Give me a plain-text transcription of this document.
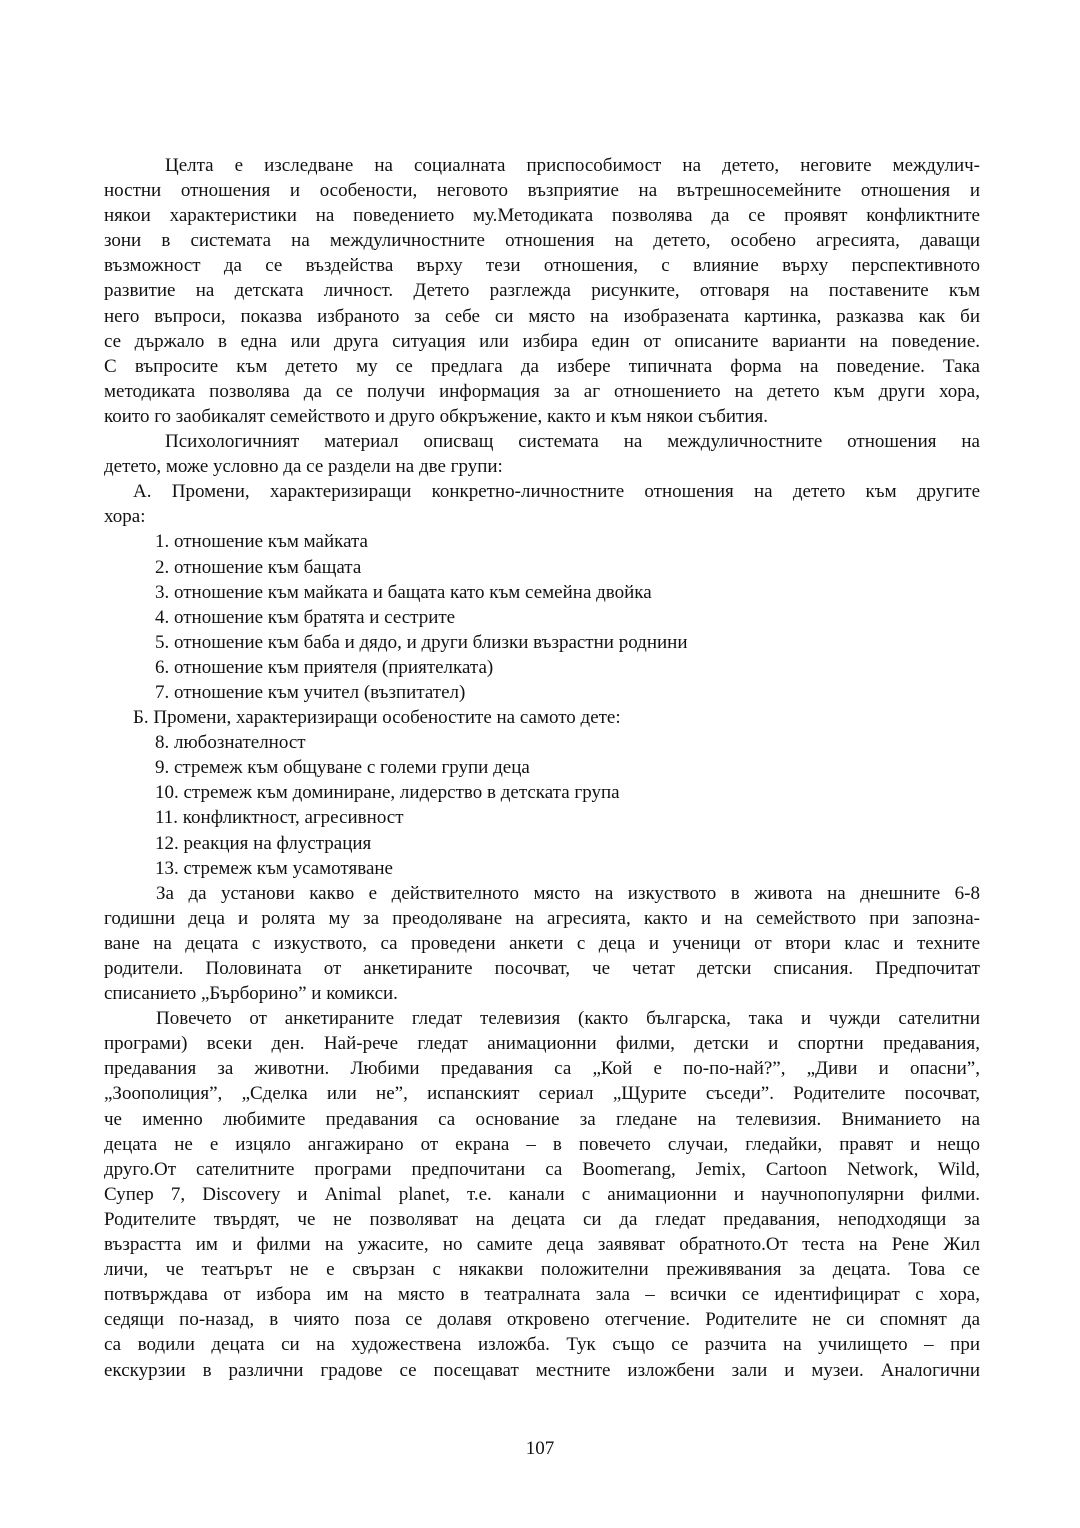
Целта е изследване на социалната приспособимост на детето, неговите междулич-
ностни отношения и особености, неговото възприятие на вътрешносемейните отношения и
някои характеристики на поведението му.Методиката позволява да се проявят конфликтните
зони в системата на междуличностните отношения на детето, особено агресията, даващи
възможност да се въздейства върху тези отношения, с влияние върху перспективното
развитие на детската личност. Детето разглежда рисунките, отговаря на поставените към
него въпроси, показва избраното за себе си място на изобразената картинка, разказва как би
се държало в една или друга ситуация или избира един от описаните варианти на поведение.
С въпросите към детето му се предлага да избере типичната форма на поведение. Така
методиката позволява да се получи информация за аг отношението на детето към други хора,
които го заобикалят семейството и друго обкръжение, както и към някои събития.
Психологичният материал описващ системата на междуличностните отношения на
детето, може условно да се раздели на две групи:
А. Промени, характеризиращи конкретно-личностните отношения на детето към другите
хора:
1. отношение към майката
2. отношение към бащата
3. отношение към майката и бащата като към семейна двойка
4. отношение към братята и сестрите
5. отношение към баба и дядо, и други близки възрастни роднини
6. отношение към приятеля (приятелката)
7. отношение към учител (възпитател)
Б. Промени, характеризиращи особеностите на самото дете:
8. любознателност
9. стремеж към общуване с големи групи деца
10. стремеж към доминиране, лидерство в детската група
11. конфликтност, агресивност
12. реакция на флустрация
13. стремеж към усамотяване
За да установи какво е действителното място на изкуството в живота на днешните 6-8
годишни деца и ролята му за преодоляване на агресията, както и на семейството при запозна-
ване на децата с изкуството, са проведени анкети с деца и ученици от втори клас и техните
родители. Половината от анкетираните посочват, че четат детски списания. Предпочитат
списанието „Бърборино” и комикси.
Повечето от анкетираните гледат телевизия (както българска, така и чужди сателитни
програми) всеки ден. Най-рече гледат анимационни филми, детски и спортни предавания,
предавания за животни. Любими предавания са „Кой е по-по-най?”, „Диви и опасни”,
„Зоополиция”, „Сделка или не”, испанският сериал „Щурите съседи”. Родителите посочват,
че именно любимите предавания са основание за гледане на телевизия. Вниманието на
децата не е изцяло ангажирано от екрана – в повечето случаи, гледайки, правят и нещо
друго.От сателитните програми предпочитани са Boomerang, Jemix, Cartoon Network, Wild,
Супер 7, Discovery и Animal planet, т.е. канали с анимационни и научнопопулярни филми.
Родителите твърдят, че не позволяват на децата си да гледат предавания, неподходящи за
възрастта им и филми на ужасите, но самите деца заявяват обратното.От теста на Рене Жил
личи, че театърът не е свързан с някакви положителни преживявания за децата. Това се
потвърждава от избора им на място в театралната зала – всички се идентифицират с хора,
седящи по-назад, в чиято поза се долавя откровено отегчение. Родителите не си спомнят да
са водили децата си на художествена изложба. Тук също се разчита на училището – при
екскурзии в различни градове се посещават местните изложбени зали и музеи. Аналогични
107
